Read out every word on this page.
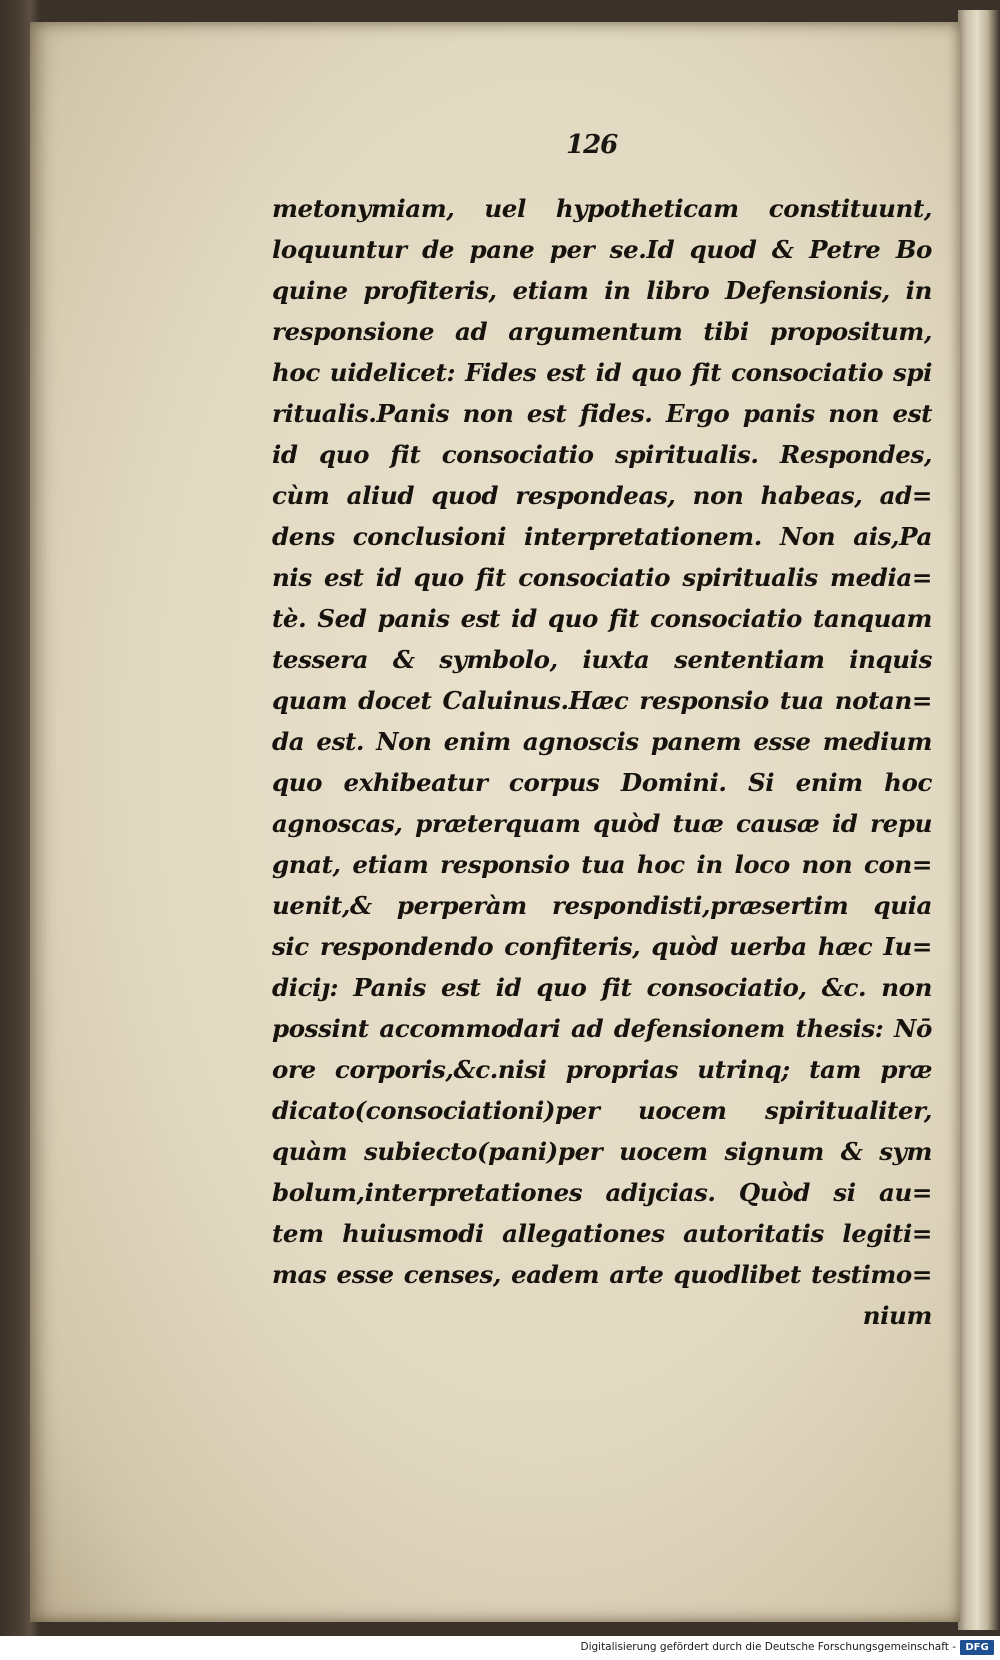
126
metonymiam, uel hypotheticam constituunt,
loquuntur de pane per se.Id quod & Petre Bo
quine profiteris, etiam in libro Defensionis, in
responsione ad argumentum tibi propositum,
hoc uidelicet: Fides est id quo fit consociatio spi
ritualis.Panis non est fides. Ergo panis non est
id quo fit consociatio spiritualis. Respondes,
cùm aliud quod respondeas, non habeas, ad=
dens conclusioni interpretationem. Non ais,Pa
nis est id quo fit consociatio spiritualis media=
tè. Sed panis est id quo fit consociatio tanquam
tessera & symbolo, iuxta sententiam inquis
quam docet Caluinus.Hæc responsio tua notan=
da est. Non enim agnoscis panem esse medium
quo exhibeatur corpus Domini. Si enim hoc
agnoscas, præterquam quòd tuæ causæ id repu
gnat, etiam responsio tua hoc in loco non con=
uenit,& perperàm respondisti,præsertim quia
sic respondendo confiteris, quòd uerba hæc Iu=
diciȷ: Panis est id quo fit consociatio, &c. non
possint accommodari ad defensionem thesis: Nō
ore corporis,&c.nisi proprias utrinq; tam præ
dicato(consociationi)per uocem spiritualiter,
quàm subiecto(pani)per uocem signum & sym
bolum,interpretationes adiȷcias. Quòd si au=
tem huiusmodi allegationes autoritatis legiti=
mas esse censes, eadem arte quodlibet testimo=
nium
Digitalisierung gefördert durch die Deutsche Forschungsgemeinschaft - DFG
